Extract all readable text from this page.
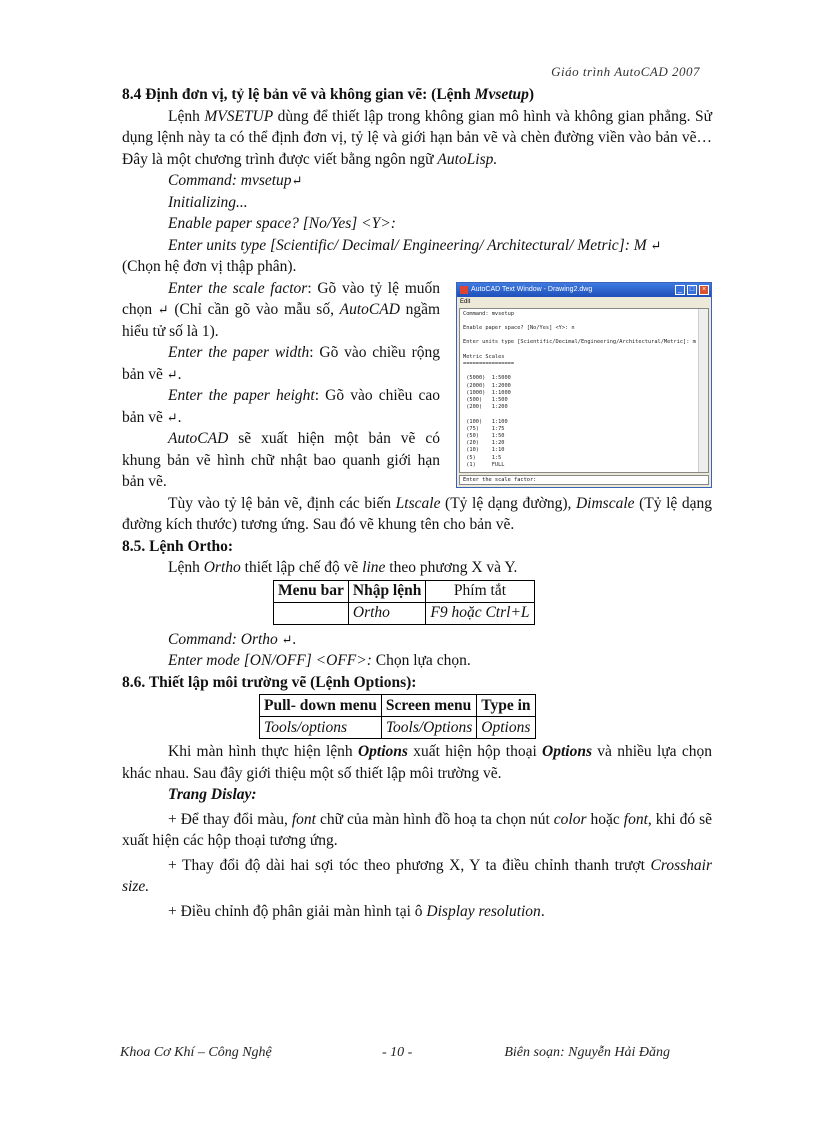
Giáo trình AutoCAD 2007

8.4 Định đơn vị, tỷ lệ bản vẽ và không gian vẽ: (Lệnh Mvsetup)

Lệnh MVSETUP dùng để thiết lập trong không gian mô hình và không gian phẳng. Sử dụng lệnh này ta có thể định đơn vị, tỷ lệ và giới hạn bản vẽ và chèn đường viền vào bản vẽ… Đây là một chương trình được viết bằng ngôn ngữ AutoLisp.

Command: mvsetup↵

Initializing...

Enable paper space? [No/Yes] <Y>:

Enter units type [Scientific/ Decimal/ Engineering/ Architectural/ Metric]: M ↵

(Chọn hệ đơn vị thập phân).

AutoCAD Text Window - Drawing2.dwg	_	□	×
Edit
Command: mvsetup

Enable paper space? [No/Yes] <Y>: n

Enter units type [Scientific/Decimal/Engineering/Architectural/Metric]: m

Metric Scales
================

(5000)  1:5000
(2000)  1:2000
(1000)  1:1000
(500)   1:500
(200)   1:200

(100)   1:100
(75)    1:75
(50)    1:50
(20)    1:20
(10)    1:10
(5)     1:5
(1)     FULL
Enter the scale factor:

Enter the scale factor: Gõ vào tỷ lệ muốn chọn ↵ (Chỉ cần gõ vào mẫu số, AutoCAD ngầm hiểu tử số là 1).

Enter the paper width: Gõ vào chiều rộng bản vẽ ↵.

Enter the paper height: Gõ vào chiều cao bản vẽ ↵.

AutoCAD sẽ xuất hiện một bản vẽ có khung bản vẽ hình chữ nhật bao quanh giới hạn bản vẽ.

Tùy vào tỷ lệ bản vẽ, định các biến Ltscale (Tỷ lệ dạng đường), Dimscale (Tỷ lệ dạng đường kích thước) tương ứng. Sau đó vẽ khung tên cho bản vẽ.

8.5. Lệnh Ortho:

Lệnh Ortho thiết lập chế độ vẽ line theo phương X và Y.

Menu bar	Nhập lệnh	Phím tắt
	Ortho	F9 hoặc Ctrl+L

Command: Ortho ↵.

Enter mode [ON/OFF] <OFF>: Chọn lựa chọn.

8.6. Thiết lập môi trường vẽ (Lệnh Options):

Pull- down menu	Screen menu	Type in
Tools/options	Tools/Options	Options

Khi màn hình thực hiện lệnh Options xuất hiện hộp thoại Options và nhiều lựa chọn khác nhau. Sau đây giới thiệu một số thiết lập môi trường vẽ.

Trang Dislay:

+ Để thay đổi màu, font chữ của màn hình đồ hoạ ta chọn nút color hoặc font, khi đó sẽ xuất hiện các hộp thoại tương ứng.

+ Thay đổi độ dài hai sợi tóc theo phương X, Y ta điều chỉnh thanh trượt Crosshair size.

+ Điều chỉnh độ phân giải màn hình tại ô Display resolution.

Khoa Cơ Khí – Công Nghệ	- 10 -	Biên soạn: Nguyễn Hải Đăng
